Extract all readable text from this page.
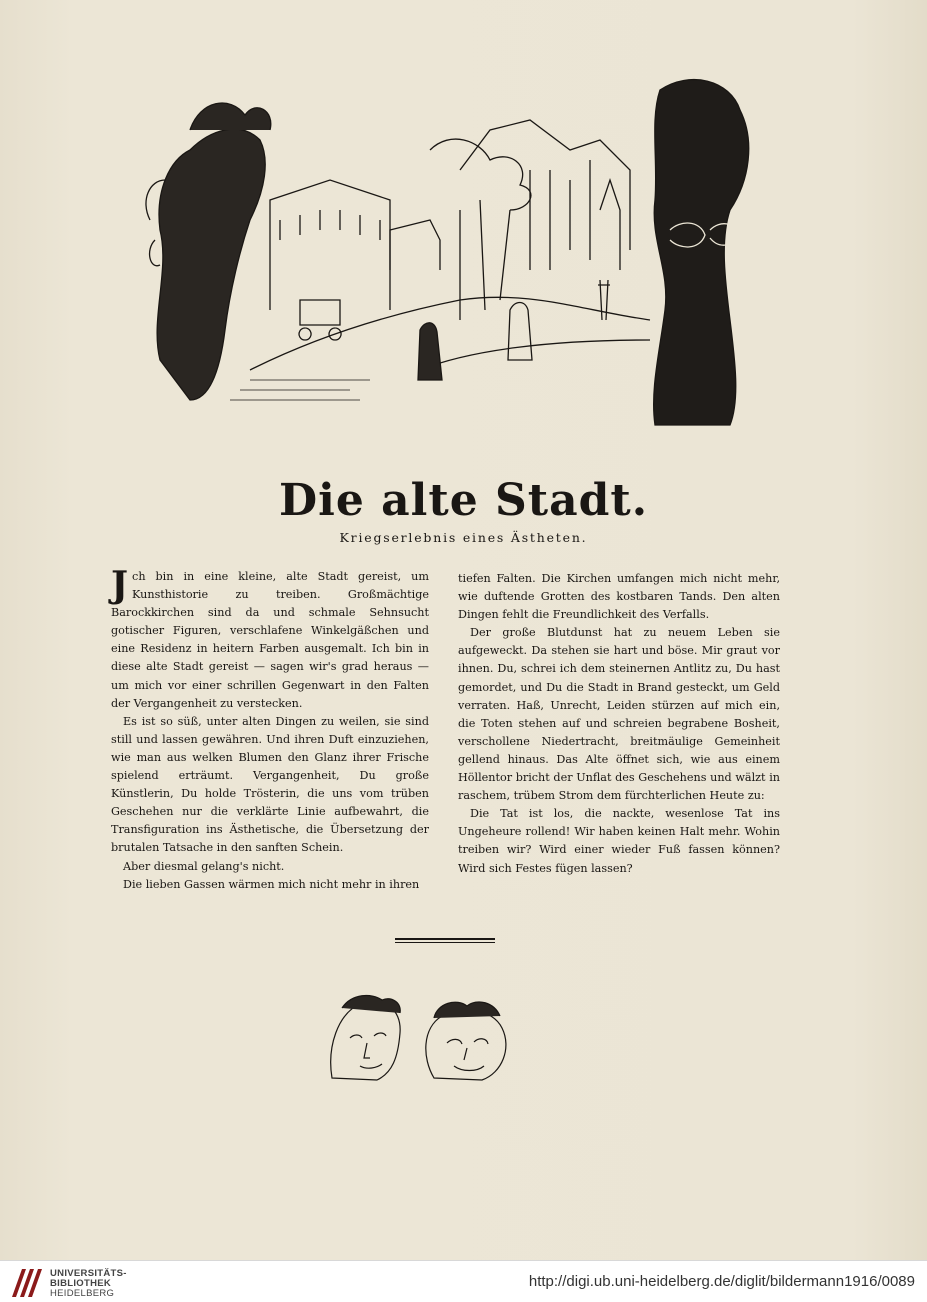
Die alte Stadt.
Kriegserlebnis eines Ästheten.

Jch bin in eine kleine, alte Stadt gereist, um Kunsthistorie zu treiben. Großmächtige Barockkirchen sind da und schmale Sehnsucht gotischer Figuren, verschlafene Winkelgäßchen und eine Residenz in heitern Farben ausgemalt. Ich bin in diese alte Stadt gereist — sagen wir's grad heraus — um mich vor einer schrillen Gegenwart in den Falten der Vergangenheit zu verstecken.

Es ist so süß, unter alten Dingen zu weilen, sie sind still und lassen gewähren. Und ihren Duft einzuziehen, wie man aus welken Blumen den Glanz ihrer Frische spielend erträumt. Vergangenheit, Du große Künstlerin, Du holde Trösterin, die uns vom trüben Geschehen nur die verklärte Linie aufbewahrt, die Transfiguration ins Ästhetische, die Übersetzung der brutalen Tatsache in den sanften Schein.

Aber diesmal gelang's nicht.

Die lieben Gassen wärmen mich nicht mehr in ihren

tiefen Falten. Die Kirchen umfangen mich nicht mehr, wie duftende Grotten des kostbaren Tands. Den alten Dingen fehlt die Freundlichkeit des Verfalls.

Der große Blutdunst hat zu neuem Leben sie aufgeweckt. Da stehen sie hart und böse. Mir graut vor ihnen. Du, schrei ich dem steinernen Antlitz zu, Du hast gemordet, und Du die Stadt in Brand gesteckt, um Geld verraten. Haß, Unrecht, Leiden stürzen auf mich ein, die Toten stehen auf und schreien begrabene Bosheit, verschollene Niedertracht, breitmäulige Gemeinheit gellend hinaus. Das Alte öffnet sich, wie aus einem Höllentor bricht der Unflat des Geschehens und wälzt in raschem, trübem Strom dem fürchterlichen Heute zu:

Die Tat ist los, die nackte, wesenlose Tat ins Ungeheure rollend! Wir haben keinen Halt mehr. Wohin treiben wir? Wird einer wieder Fuß fassen können? Wird sich Festes fügen lassen?

UNIVERSITÄTS-
BIBLIOTHEK
HEIDELBERG
http://digi.ub.uni-heidelberg.de/diglit/bildermann1916/0089
